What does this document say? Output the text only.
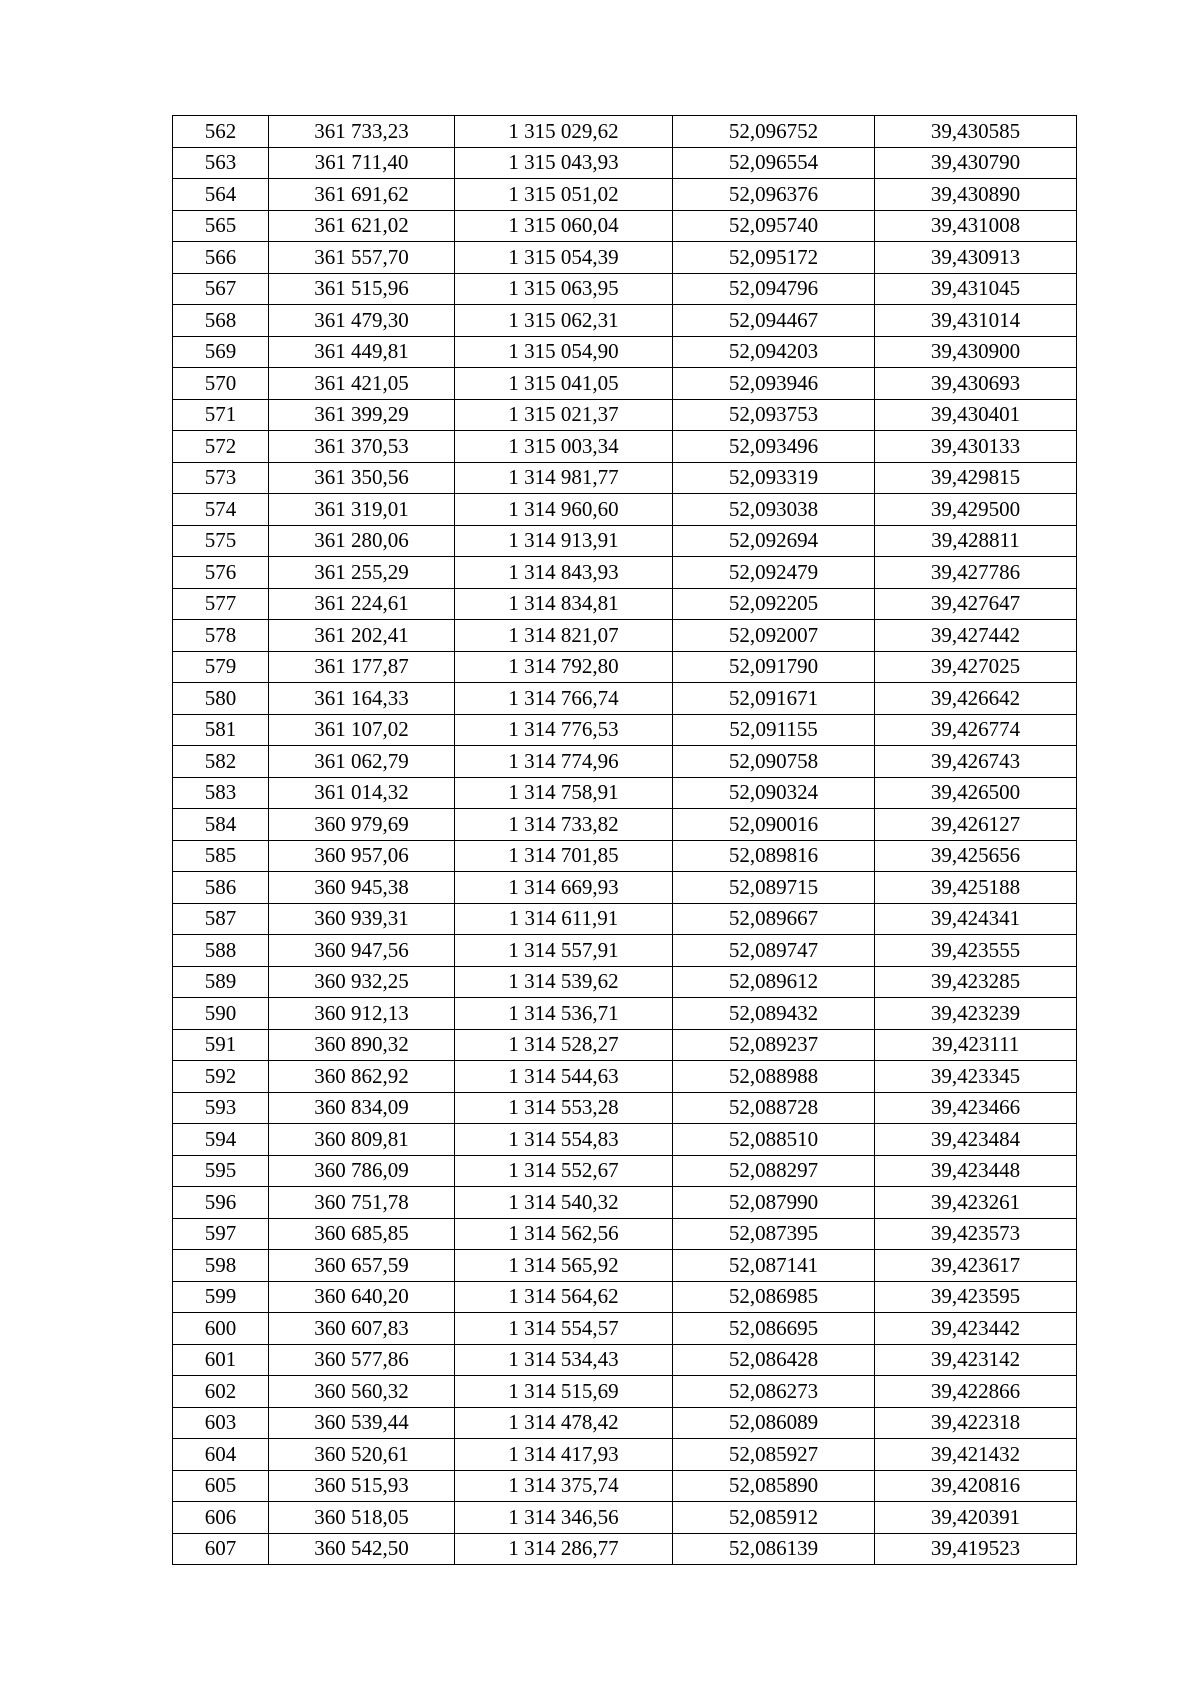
562	361 733,23	1 315 029,62	52,096752	39,430585
563	361 711,40	1 315 043,93	52,096554	39,430790
564	361 691,62	1 315 051,02	52,096376	39,430890
565	361 621,02	1 315 060,04	52,095740	39,431008
566	361 557,70	1 315 054,39	52,095172	39,430913
567	361 515,96	1 315 063,95	52,094796	39,431045
568	361 479,30	1 315 062,31	52,094467	39,431014
569	361 449,81	1 315 054,90	52,094203	39,430900
570	361 421,05	1 315 041,05	52,093946	39,430693
571	361 399,29	1 315 021,37	52,093753	39,430401
572	361 370,53	1 315 003,34	52,093496	39,430133
573	361 350,56	1 314 981,77	52,093319	39,429815
574	361 319,01	1 314 960,60	52,093038	39,429500
575	361 280,06	1 314 913,91	52,092694	39,428811
576	361 255,29	1 314 843,93	52,092479	39,427786
577	361 224,61	1 314 834,81	52,092205	39,427647
578	361 202,41	1 314 821,07	52,092007	39,427442
579	361 177,87	1 314 792,80	52,091790	39,427025
580	361 164,33	1 314 766,74	52,091671	39,426642
581	361 107,02	1 314 776,53	52,091155	39,426774
582	361 062,79	1 314 774,96	52,090758	39,426743
583	361 014,32	1 314 758,91	52,090324	39,426500
584	360 979,69	1 314 733,82	52,090016	39,426127
585	360 957,06	1 314 701,85	52,089816	39,425656
586	360 945,38	1 314 669,93	52,089715	39,425188
587	360 939,31	1 314 611,91	52,089667	39,424341
588	360 947,56	1 314 557,91	52,089747	39,423555
589	360 932,25	1 314 539,62	52,089612	39,423285
590	360 912,13	1 314 536,71	52,089432	39,423239
591	360 890,32	1 314 528,27	52,089237	39,423111
592	360 862,92	1 314 544,63	52,088988	39,423345
593	360 834,09	1 314 553,28	52,088728	39,423466
594	360 809,81	1 314 554,83	52,088510	39,423484
595	360 786,09	1 314 552,67	52,088297	39,423448
596	360 751,78	1 314 540,32	52,087990	39,423261
597	360 685,85	1 314 562,56	52,087395	39,423573
598	360 657,59	1 314 565,92	52,087141	39,423617
599	360 640,20	1 314 564,62	52,086985	39,423595
600	360 607,83	1 314 554,57	52,086695	39,423442
601	360 577,86	1 314 534,43	52,086428	39,423142
602	360 560,32	1 314 515,69	52,086273	39,422866
603	360 539,44	1 314 478,42	52,086089	39,422318
604	360 520,61	1 314 417,93	52,085927	39,421432
605	360 515,93	1 314 375,74	52,085890	39,420816
606	360 518,05	1 314 346,56	52,085912	39,420391
607	360 542,50	1 314 286,77	52,086139	39,419523
